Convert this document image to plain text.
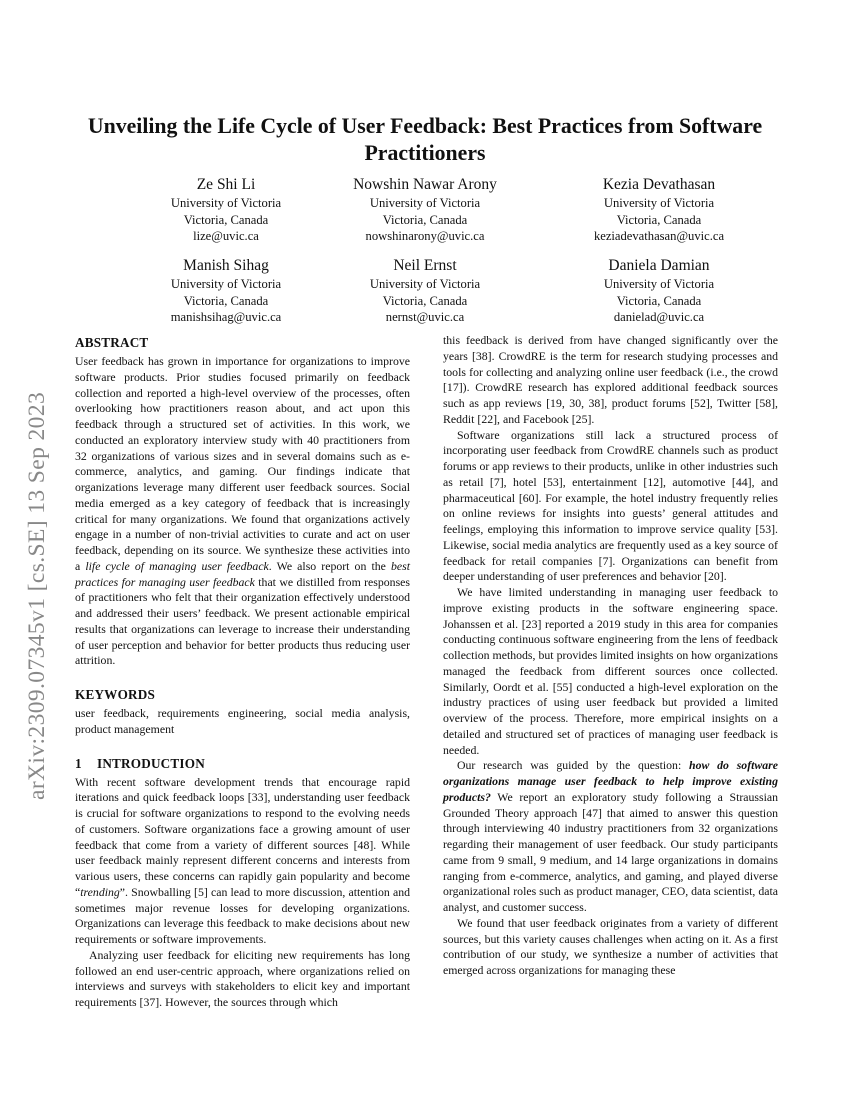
arXiv:2309.07345v1 [cs.SE] 13 Sep 2023
Unveiling the Life Cycle of User Feedback: Best Practices from Software Practitioners
Ze Shi Li
University of Victoria
Victoria, Canada
lize@uvic.ca
Nowshin Nawar Arony
University of Victoria
Victoria, Canada
nowshinarony@uvic.ca
Kezia Devathasan
University of Victoria
Victoria, Canada
keziadevathasan@uvic.ca
Manish Sihag
University of Victoria
Victoria, Canada
manishsihag@uvic.ca
Neil Ernst
University of Victoria
Victoria, Canada
nernst@uvic.ca
Daniela Damian
University of Victoria
Victoria, Canada
danielad@uvic.ca
ABSTRACT

User feedback has grown in importance for organizations to improve software products. Prior studies focused primarily on feedback collection and reported a high-level overview of the processes, often overlooking how practitioners reason about, and act upon this feedback through a structured set of activities. In this work, we conducted an exploratory interview study with 40 practitioners from 32 organizations of various sizes and in several domains such as e-commerce, analytics, and gaming. Our findings indicate that organizations leverage many different user feedback sources. Social media emerged as a key category of feedback that is increasingly critical for many organizations. We found that organizations actively engage in a number of non-trivial activities to curate and act on user feedback, depending on its source. We synthesize these activities into a life cycle of managing user feedback. We also report on the best practices for managing user feedback that we distilled from responses of practitioners who felt that their organization effectively understood and addressed their users’ feedback. We present actionable empirical results that organizations can leverage to increase their understanding of user perception and behavior for better products thus reducing user attrition.

KEYWORDS

user feedback, requirements engineering, social media analysis, product management

1 INTRODUCTION

With recent software development trends that encourage rapid iterations and quick feedback loops [33], understanding user feedback is crucial for software organizations to respond to the evolving needs of customers. Software organizations face a growing amount of user feedback that come from a variety of different sources [48]. While user feedback mainly represent different concerns and interests from various users, these concerns can rapidly gain popularity and become “trending”. Snowballing [5] can lead to more discussion, attention and sometimes major revenue losses for developing organizations. Organizations can leverage this feedback to make decisions about new requirements or software improvements.

Analyzing user feedback for eliciting new requirements has long followed an end user-centric approach, where organizations relied on interviews and surveys with stakeholders to elicit key and important requirements [37]. However, the sources through which

this feedback is derived from have changed significantly over the years [38]. CrowdRE is the term for research studying processes and tools for collecting and analyzing online user feedback (i.e., the crowd [17]). CrowdRE research has explored additional feedback sources such as app reviews [19, 30, 38], product forums [52], Twitter [58], Reddit [22], and Facebook [25].

Software organizations still lack a structured process of incorporating user feedback from CrowdRE channels such as product forums or app reviews to their products, unlike in other industries such as retail [7], hotel [53], entertainment [12], automotive [44], and pharmaceutical [60]. For example, the hotel industry frequently relies on online reviews for insights into guests’ general attitudes and feelings, employing this information to improve service quality [53]. Likewise, social media analytics are frequently used as a key source of feedback for retail companies [7]. Organizations can benefit from deeper understanding of user preferences and behavior [20].

We have limited understanding in managing user feedback to improve existing products in the software engineering space. Johanssen et al. [23] reported a 2019 study in this area for companies conducting continuous software engineering from the lens of feedback collection methods, but provides limited insights on how organizations managed the feedback from different sources once collected. Similarly, Oordt et al. [55] conducted a high-level exploration on the industry practices of using user feedback but provided a limited overview of the process. Therefore, more empirical insights on a detailed and structured set of practices of managing user feedback is needed.

Our research was guided by the question: how do software organizations manage user feedback to help improve existing products? We report an exploratory study following a Straussian Grounded Theory approach [47] that aimed to answer this question through interviewing 40 industry practitioners from 32 organizations regarding their management of user feedback. Our study participants came from 9 small, 9 medium, and 14 large organizations in domains ranging from e-commerce, analytics, and gaming, and played diverse organizational roles such as product manager, CEO, data scientist, data analyst, and customer success.

We found that user feedback originates from a variety of different sources, but this variety causes challenges when acting on it. As a first contribution of our study, we synthesize a number of activities that emerged across organizations for managing these
